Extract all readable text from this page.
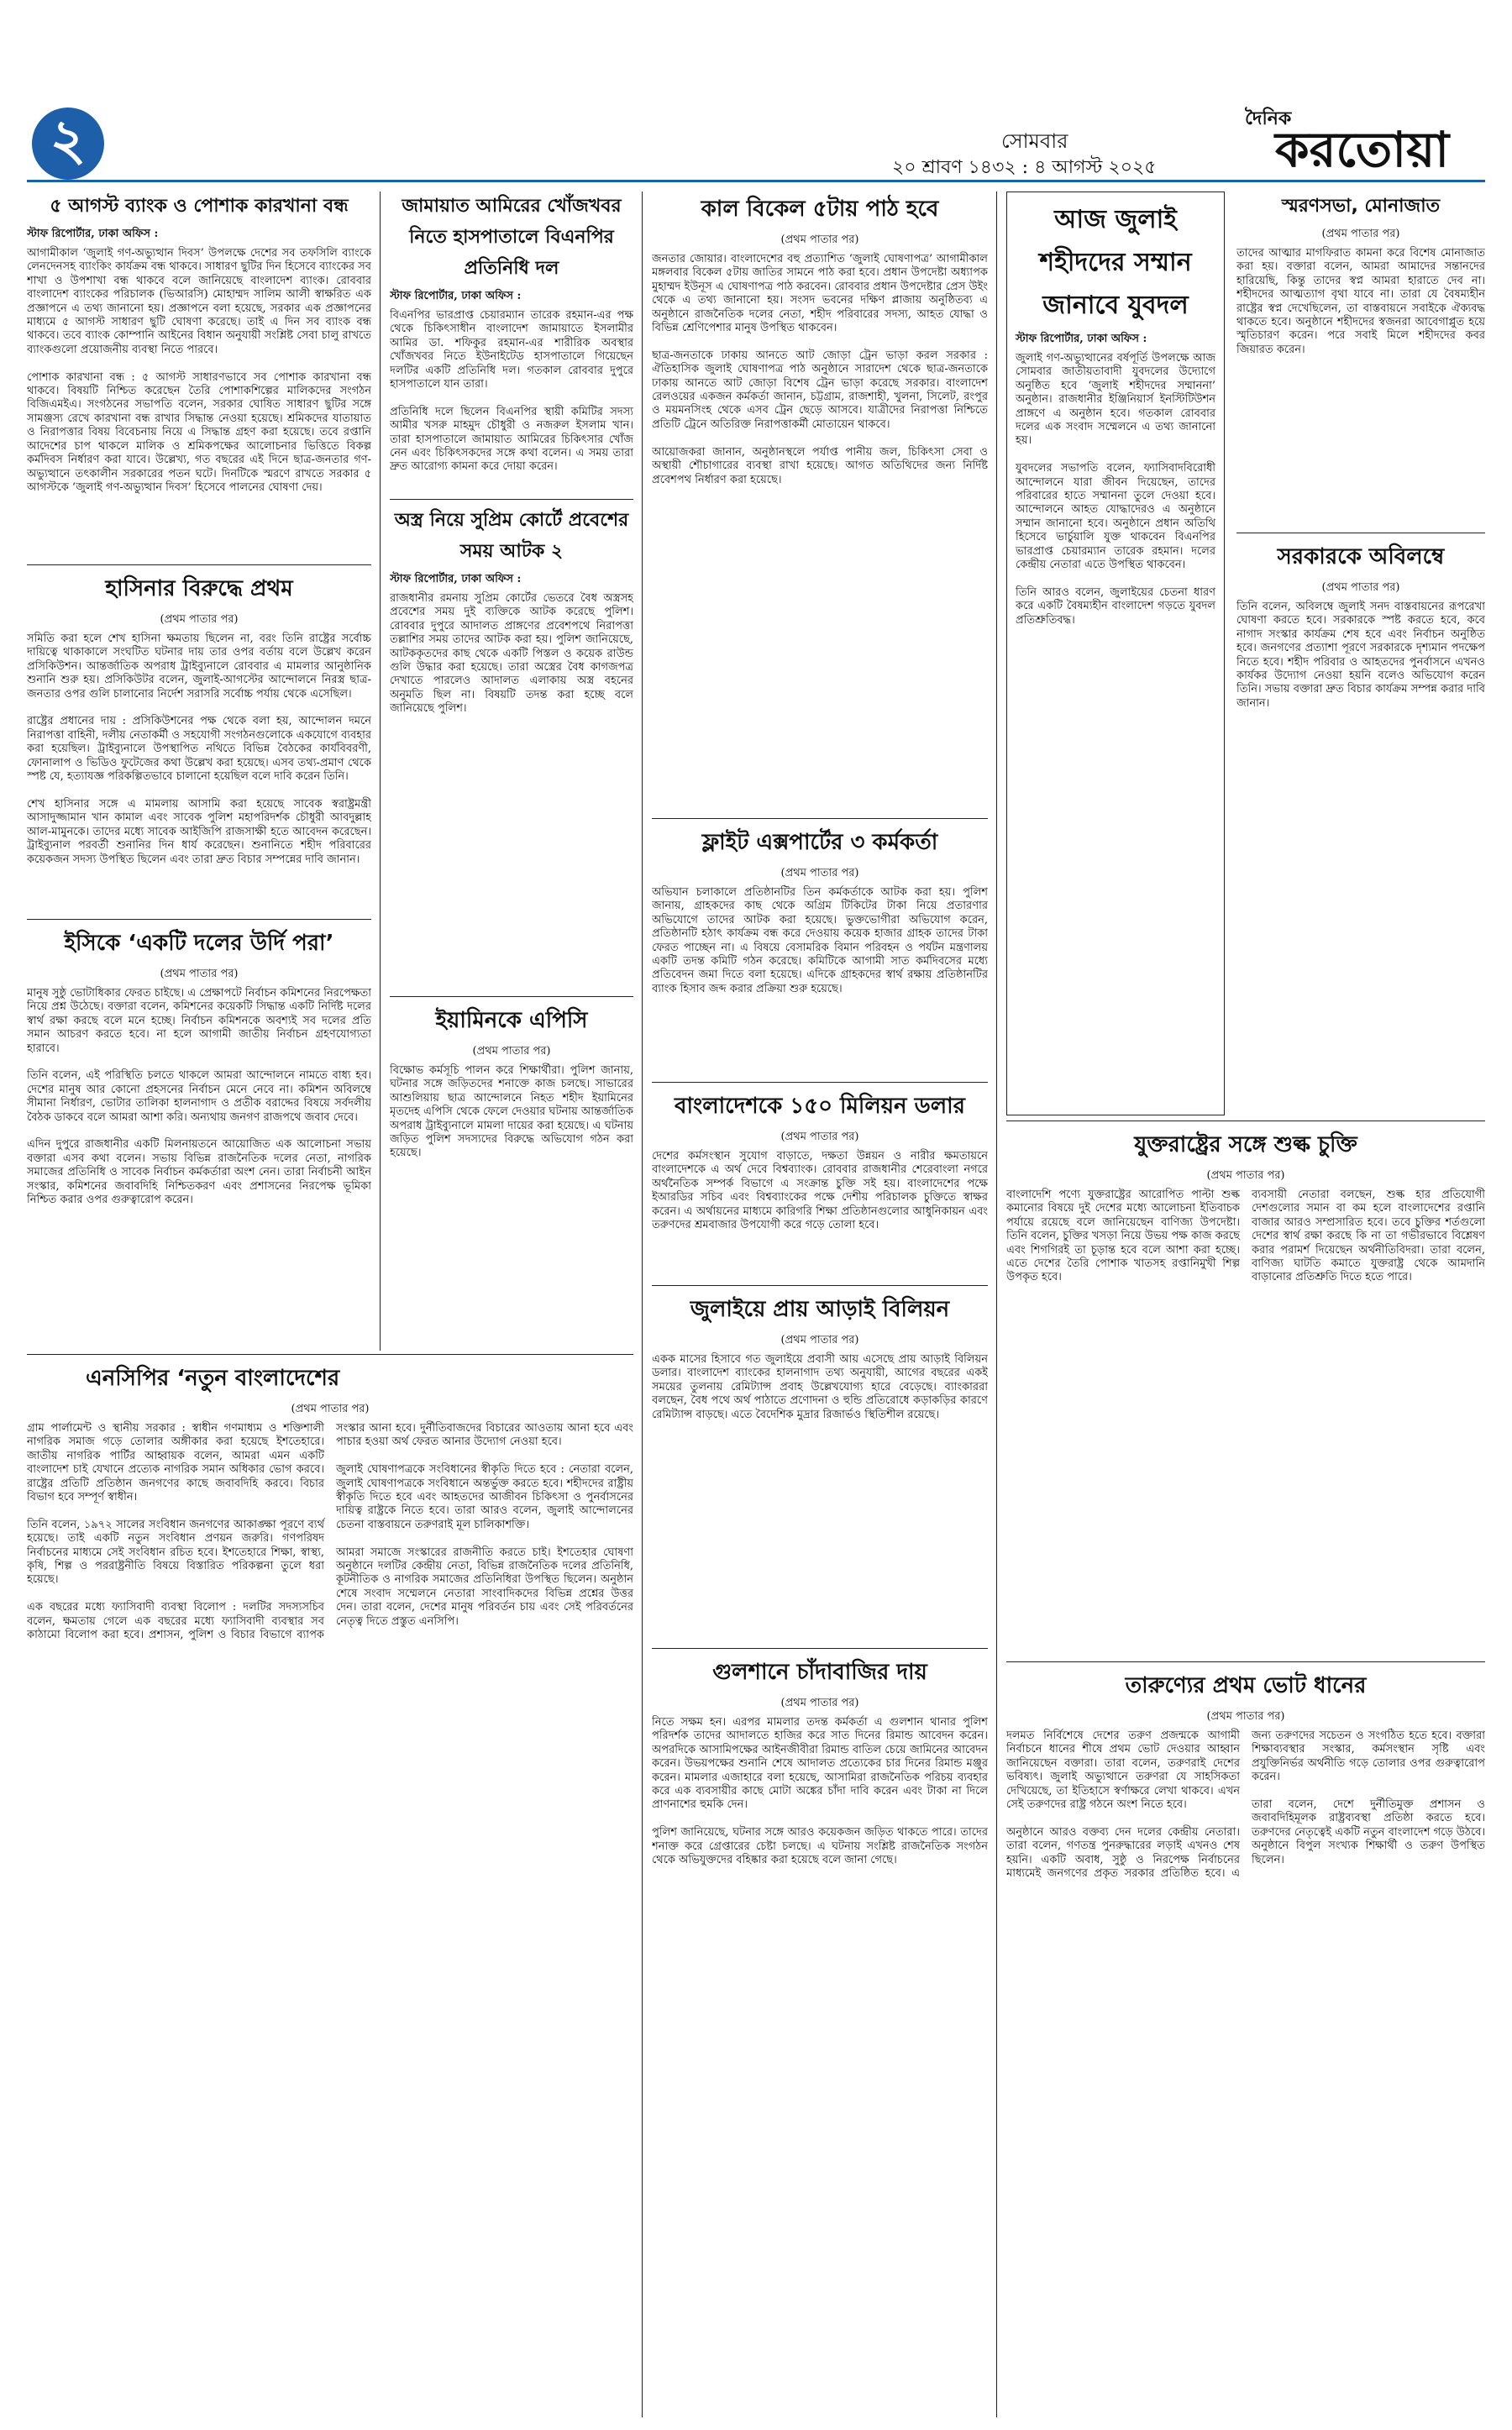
২	সোমবার
২০ শ্রাবণ ১৪৩২ : ৪ আগস্ট ২০২৫
দৈনিক
করতোয়া
৫ আগস্ট ব্যাংক ও পোশাক কারখানা বন্ধ

স্টাফ রিপোর্টার, ঢাকা অফিস :

আগামীকাল ‘জুলাই গণ-অভ্যুত্থান দিবস’ উপলক্ষে দেশের সব তফসিলি ব্যাংকে লেনদেনসহ ব্যাংকিং কার্যক্রম বন্ধ থাকবে। সাধারণ ছুটির দিন হিসেবে ব্যাংকের সব শাখা ও উপশাখা বন্ধ থাকবে বলে জানিয়েছে বাংলাদেশ ব্যাংক। রোববার বাংলাদেশ ব্যাংকের পরিচালক (ভিআরসি) মোহাম্মদ সালিম আলী স্বাক্ষরিত এক প্রজ্ঞাপনে এ তথ্য জানানো হয়। প্রজ্ঞাপনে বলা হয়েছে, সরকার এক প্রজ্ঞাপনের মাধ্যমে ৫ আগস্ট সাধারণ ছুটি ঘোষণা করেছে। তাই এ দিন সব ব্যাংক বন্ধ থাকবে। তবে ব্যাংক কোম্পানি আইনের বিধান অনুযায়ী সংশ্লিষ্ট সেবা চালু রাখতে ব্যাংকগুলো প্রয়োজনীয় ব্যবস্থা নিতে পারবে।

পোশাক কারখানা বন্ধ : ৫ আগস্ট সাধারণভাবে সব পোশাক কারখানা বন্ধ থাকবে। বিষয়টি নিশ্চিত করেছেন তৈরি পোশাকশিল্পের মালিকদের সংগঠন বিজিএমইএ। সংগঠনের সভাপতি বলেন, সরকার ঘোষিত সাধারণ ছুটির সঙ্গে সামঞ্জস্য রেখে কারখানা বন্ধ রাখার সিদ্ধান্ত নেওয়া হয়েছে। শ্রমিকদের যাতায়াত ও নিরাপত্তার বিষয় বিবেচনায় নিয়ে এ সিদ্ধান্ত গ্রহণ করা হয়েছে। তবে রপ্তানি আদেশের চাপ থাকলে মালিক ও শ্রমিকপক্ষের আলোচনার ভিত্তিতে বিকল্প কর্মদিবস নির্ধারণ করা যাবে। উল্লেখ্য, গত বছরের এই দিনে ছাত্র-জনতার গণ-অভ্যুত্থানে তৎকালীন সরকারের পতন ঘটে। দিনটিকে স্মরণে রাখতে সরকার ৫ আগস্টকে ‘জুলাই গণ-অভ্যুত্থান দিবস’ হিসেবে পালনের ঘোষণা দেয়।

হাসিনার বিরুদ্ধে প্রথম

(প্রথম পাতার পর)

সমিতি করা হলে শেখ হাসিনা ক্ষমতায় ছিলেন না, বরং তিনি রাষ্ট্রের সর্বোচ্চ দায়িত্বে থাকাকালে সংঘটিত ঘটনার দায় তার ওপর বর্তায় বলে উল্লেখ করেন প্রসিকিউশন। আন্তর্জাতিক অপরাধ ট্রাইব্যুনালে রোববার এ মামলার আনুষ্ঠানিক শুনানি শুরু হয়। প্রসিকিউটর বলেন, জুলাই-আগস্টের আন্দোলনে নিরস্ত্র ছাত্র-জনতার ওপর গুলি চালানোর নির্দেশ সরাসরি সর্বোচ্চ পর্যায় থেকে এসেছিল।

রাষ্ট্রের প্রধানের দায় : প্রসিকিউশনের পক্ষ থেকে বলা হয়, আন্দোলন দমনে নিরাপত্তা বাহিনী, দলীয় নেতাকর্মী ও সহযোগী সংগঠনগুলোকে একযোগে ব্যবহার করা হয়েছিল। ট্রাইব্যুনালে উপস্থাপিত নথিতে বিভিন্ন বৈঠকের কার্যবিবরণী, ফোনালাপ ও ভিডিও ফুটেজের কথা উল্লেখ করা হয়েছে। এসব তথ্য-প্রমাণ থেকে স্পষ্ট যে, হত্যাযজ্ঞ পরিকল্পিতভাবে চালানো হয়েছিল বলে দাবি করেন তিনি।

শেখ হাসিনার সঙ্গে এ মামলায় আসামি করা হয়েছে সাবেক স্বরাষ্ট্রমন্ত্রী আসাদুজ্জামান খান কামাল এবং সাবেক পুলিশ মহাপরিদর্শক চৌধুরী আবদুল্লাহ আল-মামুনকে। তাদের মধ্যে সাবেক আইজিপি রাজসাক্ষী হতে আবেদন করেছেন। ট্রাইব্যুনাল পরবর্তী শুনানির দিন ধার্য করেছেন। শুনানিতে শহীদ পরিবারের কয়েকজন সদস্য উপস্থিত ছিলেন এবং তারা দ্রুত বিচার সম্পন্নের দাবি জানান।

ইসিকে ‘একটি দলের উর্দি পরা’

(প্রথম পাতার পর)

মানুষ সুষ্ঠু ভোটাধিকার ফেরত চাইছে। এ প্রেক্ষাপটে নির্বাচন কমিশনের নিরপেক্ষতা নিয়ে প্রশ্ন উঠেছে। বক্তারা বলেন, কমিশনের কয়েকটি সিদ্ধান্ত একটি নির্দিষ্ট দলের স্বার্থ রক্ষা করছে বলে মনে হচ্ছে। নির্বাচন কমিশনকে অবশ্যই সব দলের প্রতি সমান আচরণ করতে হবে। না হলে আগামী জাতীয় নির্বাচন গ্রহণযোগ্যতা হারাবে।

তিনি বলেন, এই পরিস্থিতি চলতে থাকলে আমরা আন্দোলনে নামতে বাধ্য হব। দেশের মানুষ আর কোনো প্রহসনের নির্বাচন মেনে নেবে না। কমিশন অবিলম্বে সীমানা নির্ধারণ, ভোটার তালিকা হালনাগাদ ও প্রতীক বরাদ্দের বিষয়ে সর্বদলীয় বৈঠক ডাকবে বলে আমরা আশা করি। অন্যথায় জনগণ রাজপথে জবাব দেবে।

এদিন দুপুরে রাজধানীর একটি মিলনায়তনে আয়োজিত এক আলোচনা সভায় বক্তারা এসব কথা বলেন। সভায় বিভিন্ন রাজনৈতিক দলের নেতা, নাগরিক সমাজের প্রতিনিধি ও সাবেক নির্বাচন কর্মকর্তারা অংশ নেন। তারা নির্বাচনী আইন সংস্কার, কমিশনের জবাবদিহি নিশ্চিতকরণ এবং প্রশাসনের নিরপেক্ষ ভূমিকা নিশ্চিত করার ওপর গুরুত্বারোপ করেন।

জামায়াত আমিরের খোঁজখবর নিতে হাসপাতালে বিএনপির প্রতিনিধি দল

স্টাফ রিপোর্টার, ঢাকা অফিস :

বিএনপির ভারপ্রাপ্ত চেয়ারম্যান তারেক রহমান-এর পক্ষ থেকে চিকিৎসাধীন বাংলাদেশ জামায়াতে ইসলামীর আমির ডা. শফিকুর রহমান-এর শারীরিক অবস্থার খোঁজখবর নিতে ইউনাইটেড হাসপাতালে গিয়েছেন দলটির একটি প্রতিনিধি দল। গতকাল রোববার দুপুরে হাসপাতালে যান তারা।

প্রতিনিধি দলে ছিলেন বিএনপির স্থায়ী কমিটির সদস্য আমীর খসরু মাহমুদ চৌধুরী ও নজরুল ইসলাম খান। তারা হাসপাতালে জামায়াত আমিরের চিকিৎসার খোঁজ নেন এবং চিকিৎসকদের সঙ্গে কথা বলেন। এ সময় তারা দ্রুত আরোগ্য কামনা করে দোয়া করেন।

অস্ত্র নিয়ে সুপ্রিম কোর্টে প্রবেশের সময় আটক ২

স্টাফ রিপোর্টার, ঢাকা অফিস :

রাজধানীর রমনায় সুপ্রিম কোর্টের ভেতরে বৈধ অস্ত্রসহ প্রবেশের সময় দুই ব্যক্তিকে আটক করেছে পুলিশ। রোববার দুপুরে আদালত প্রাঙ্গণের প্রবেশপথে নিরাপত্তা তল্লাশির সময় তাদের আটক করা হয়। পুলিশ জানিয়েছে, আটককৃতদের কাছ থেকে একটি পিস্তল ও কয়েক রাউন্ড গুলি উদ্ধার করা হয়েছে। তারা অস্ত্রের বৈধ কাগজপত্র দেখাতে পারলেও আদালত এলাকায় অস্ত্র বহনের অনুমতি ছিল না। বিষয়টি তদন্ত করা হচ্ছে বলে জানিয়েছে পুলিশ।

ইয়ামিনকে এপিসি

(প্রথম পাতার পর)

বিক্ষোভ কর্মসূচি পালন করে শিক্ষার্থীরা। পুলিশ জানায়, ঘটনার সঙ্গে জড়িতদের শনাক্তে কাজ চলছে। সাভারের আশুলিয়ায় ছাত্র আন্দোলনে নিহত শহীদ ইয়ামিনের মৃতদেহ এপিসি থেকে ফেলে দেওয়ার ঘটনায় আন্তর্জাতিক অপরাধ ট্রাইব্যুনালে মামলা দায়ের করা হয়েছে। এ ঘটনায় জড়িত পুলিশ সদস্যদের বিরুদ্ধে অভিযোগ গঠন করা হয়েছে।

কাল বিকেল ৫টায় পাঠ হবে

(প্রথম পাতার পর)

জনতার জোয়ার। বাংলাদেশের বহু প্রত্যাশিত ‘জুলাই ঘোষণাপত্র’ আগামীকাল মঙ্গলবার বিকেল ৫টায় জাতির সামনে পাঠ করা হবে। প্রধান উপদেষ্টা অধ্যাপক মুহাম্মদ ইউনূস এ ঘোষণাপত্র পাঠ করবেন। রোববার প্রধান উপদেষ্টার প্রেস উইং থেকে এ তথ্য জানানো হয়। সংসদ ভবনের দক্ষিণ প্লাজায় অনুষ্ঠিতব্য এ অনুষ্ঠানে রাজনৈতিক দলের নেতা, শহীদ পরিবারের সদস্য, আহত যোদ্ধা ও বিভিন্ন শ্রেণিপেশার মানুষ উপস্থিত থাকবেন।

ছাত্র-জনতাকে ঢাকায় আনতে আট জোড়া ট্রেন ভাড়া করল সরকার : ঐতিহাসিক জুলাই ঘোষণাপত্র পাঠ অনুষ্ঠানে সারাদেশ থেকে ছাত্র-জনতাকে ঢাকায় আনতে আট জোড়া বিশেষ ট্রেন ভাড়া করেছে সরকার। বাংলাদেশ রেলওয়ের একজন কর্মকর্তা জানান, চট্টগ্রাম, রাজশাহী, খুলনা, সিলেট, রংপুর ও ময়মনসিংহ থেকে এসব ট্রেন ছেড়ে আসবে। যাত্রীদের নিরাপত্তা নিশ্চিতে প্রতিটি ট্রেনে অতিরিক্ত নিরাপত্তাকর্মী মোতায়েন থাকবে।

আয়োজকরা জানান, অনুষ্ঠানস্থলে পর্যাপ্ত পানীয় জল, চিকিৎসা সেবা ও অস্থায়ী শৌচাগারের ব্যবস্থা রাখা হয়েছে। আগত অতিথিদের জন্য নির্দিষ্ট প্রবেশপথ নির্ধারণ করা হয়েছে।

ফ্লাইট এক্সপার্টের ৩ কর্মকর্তা

(প্রথম পাতার পর)

অভিযান চলাকালে প্রতিষ্ঠানটির তিন কর্মকর্তাকে আটক করা হয়। পুলিশ জানায়, গ্রাহকদের কাছ থেকে অগ্রিম টিকিটের টাকা নিয়ে প্রতারণার অভিযোগে তাদের আটক করা হয়েছে। ভুক্তভোগীরা অভিযোগ করেন, প্রতিষ্ঠানটি হঠাৎ কার্যক্রম বন্ধ করে দেওয়ায় কয়েক হাজার গ্রাহক তাদের টাকা ফেরত পাচ্ছেন না। এ বিষয়ে বেসামরিক বিমান পরিবহন ও পর্যটন মন্ত্রণালয় একটি তদন্ত কমিটি গঠন করেছে। কমিটিকে আগামী সাত কর্মদিবসের মধ্যে প্রতিবেদন জমা দিতে বলা হয়েছে। এদিকে গ্রাহকদের স্বার্থ রক্ষায় প্রতিষ্ঠানটির ব্যাংক হিসাব জব্দ করার প্রক্রিয়া শুরু হয়েছে।

বাংলাদেশকে ১৫০ মিলিয়ন ডলার

(প্রথম পাতার পর)

দেশের কর্মসংস্থান সুযোগ বাড়াতে, দক্ষতা উন্নয়ন ও নারীর ক্ষমতায়নে বাংলাদেশকে এ অর্থ দেবে বিশ্বব্যাংক। রোববার রাজধানীর শেরেবাংলা নগরে অর্থনৈতিক সম্পর্ক বিভাগে এ সংক্রান্ত চুক্তি সই হয়। বাংলাদেশের পক্ষে ইআরডির সচিব এবং বিশ্বব্যাংকের পক্ষে দেশীয় পরিচালক চুক্তিতে স্বাক্ষর করেন। এ অর্থায়নের মাধ্যমে কারিগরি শিক্ষা প্রতিষ্ঠানগুলোর আধুনিকায়ন এবং তরুণদের শ্রমবাজার উপযোগী করে গড়ে তোলা হবে।

জুলাইয়ে প্রায় আড়াই বিলিয়ন

(প্রথম পাতার পর)

একক মাসের হিসাবে গত জুলাইয়ে প্রবাসী আয় এসেছে প্রায় আড়াই বিলিয়ন ডলার। বাংলাদেশ ব্যাংকের হালনাগাদ তথ্য অনুযায়ী, আগের বছরের একই সময়ের তুলনায় রেমিট্যান্স প্রবাহ উল্লেখযোগ্য হারে বেড়েছে। ব্যাংকাররা বলছেন, বৈধ পথে অর্থ পাঠাতে প্রণোদনা ও হুন্ডি প্রতিরোধে কড়াকড়ির কারণে রেমিট্যান্স বাড়ছে। এতে বৈদেশিক মুদ্রার রিজার্ভও স্থিতিশীল রয়েছে।

গুলশানে চাঁদাবাজির দায়

(প্রথম পাতার পর)

নিতে সক্ষম হন। এরপর মামলার তদন্ত কর্মকর্তা এ গুলশান থানার পুলিশ পরিদর্শক তাদের আদালতে হাজির করে সাত দিনের রিমান্ড আবেদন করেন। অপরদিকে আসামিপক্ষের আইনজীবীরা রিমান্ড বাতিল চেয়ে জামিনের আবেদন করেন। উভয়পক্ষের শুনানি শেষে আদালত প্রত্যেকের চার দিনের রিমান্ড মঞ্জুর করেন। মামলার এজাহারে বলা হয়েছে, আসামিরা রাজনৈতিক পরিচয় ব্যবহার করে এক ব্যবসায়ীর কাছে মোটা অঙ্কের চাঁদা দাবি করেন এবং টাকা না দিলে প্রাণনাশের হুমকি দেন।

পুলিশ জানিয়েছে, ঘটনার সঙ্গে আরও কয়েকজন জড়িত থাকতে পারে। তাদের শনাক্ত করে গ্রেপ্তারের চেষ্টা চলছে। এ ঘটনায় সংশ্লিষ্ট রাজনৈতিক সংগঠন থেকে অভিযুক্তদের বহিষ্কার করা হয়েছে বলে জানা গেছে।

আজ জুলাই শহীদদের সম্মান জানাবে যুবদল

স্টাফ রিপোর্টার, ঢাকা অফিস :

জুলাই গণ-অভ্যুত্থানের বর্ষপূর্তি উপলক্ষে আজ সোমবার জাতীয়তাবাদী যুবদলের উদ্যোগে অনুষ্ঠিত হবে ‘জুলাই শহীদদের সম্মাননা’ অনুষ্ঠান। রাজধানীর ইঞ্জিনিয়ার্স ইনস্টিটিউশন প্রাঙ্গণে এ অনুষ্ঠান হবে। গতকাল রোববার দলের এক সংবাদ সম্মেলনে এ তথ্য জানানো হয়।

যুবদলের সভাপতি বলেন, ফ্যাসিবাদবিরোধী আন্দোলনে যারা জীবন দিয়েছেন, তাদের পরিবারের হাতে সম্মাননা তুলে দেওয়া হবে। আন্দোলনে আহত যোদ্ধাদেরও এ অনুষ্ঠানে সম্মান জানানো হবে। অনুষ্ঠানে প্রধান অতিথি হিসেবে ভার্চুয়ালি যুক্ত থাকবেন বিএনপির ভারপ্রাপ্ত চেয়ারম্যান তারেক রহমান। দলের কেন্দ্রীয় নেতারা এতে উপস্থিত থাকবেন।

তিনি আরও বলেন, জুলাইয়ের চেতনা ধারণ করে একটি বৈষম্যহীন বাংলাদেশ গড়তে যুবদল প্রতিশ্রুতিবদ্ধ।

স্মরণসভা, মোনাজাত

(প্রথম পাতার পর)

তাদের আত্মার মাগফিরাত কামনা করে বিশেষ মোনাজাত করা হয়। বক্তারা বলেন, আমরা আমাদের সন্তানদের হারিয়েছি, কিন্তু তাদের স্বপ্ন আমরা হারাতে দেব না। শহীদদের আত্মত্যাগ বৃথা যাবে না। তারা যে বৈষম্যহীন রাষ্ট্রের স্বপ্ন দেখেছিলেন, তা বাস্তবায়নে সবাইকে ঐক্যবদ্ধ থাকতে হবে। অনুষ্ঠানে শহীদদের স্বজনরা আবেগাপ্লুত হয়ে স্মৃতিচারণ করেন। পরে সবাই মিলে শহীদদের কবর জিয়ারত করেন।

সরকারকে অবিলম্বে

(প্রথম পাতার পর)

তিনি বলেন, অবিলম্বে জুলাই সনদ বাস্তবায়নের রূপরেখা ঘোষণা করতে হবে। সরকারকে স্পষ্ট করতে হবে, কবে নাগাদ সংস্কার কার্যক্রম শেষ হবে এবং নির্বাচন অনুষ্ঠিত হবে। জনগণের প্রত্যাশা পূরণে সরকারকে দৃশ্যমান পদক্ষেপ নিতে হবে। শহীদ পরিবার ও আহতদের পুনর্বাসনে এখনও কার্যকর উদ্যোগ নেওয়া হয়নি বলেও অভিযোগ করেন তিনি। সভায় বক্তারা দ্রুত বিচার কার্যক্রম সম্পন্ন করার দাবি জানান।

যুক্তরাষ্ট্রের সঙ্গে শুল্ক চুক্তি

(প্রথম পাতার পর)

বাংলাদেশি পণ্যে যুক্তরাষ্ট্রের আরোপিত পাল্টা শুল্ক কমানোর বিষয়ে দুই দেশের মধ্যে আলোচনা ইতিবাচক পর্যায়ে রয়েছে বলে জানিয়েছেন বাণিজ্য উপদেষ্টা। তিনি বলেন, চুক্তির খসড়া নিয়ে উভয় পক্ষ কাজ করছে এবং শিগগিরই তা চূড়ান্ত হবে বলে আশা করা হচ্ছে। এতে দেশের তৈরি পোশাক খাতসহ রপ্তানিমুখী শিল্প উপকৃত হবে।

ব্যবসায়ী নেতারা বলছেন, শুল্ক হার প্রতিযোগী দেশগুলোর সমান বা কম হলে বাংলাদেশের রপ্তানি বাজার আরও সম্প্রসারিত হবে। তবে চুক্তির শর্তগুলো দেশের স্বার্থ রক্ষা করছে কি না তা গভীরভাবে বিশ্লেষণ করার পরামর্শ দিয়েছেন অর্থনীতিবিদরা। তারা বলেন, বাণিজ্য ঘাটতি কমাতে যুক্তরাষ্ট্র থেকে আমদানি বাড়ানোর প্রতিশ্রুতি দিতে হতে পারে।

তারুণ্যের প্রথম ভোট ধানের

(প্রথম পাতার পর)

দলমত নির্বিশেষে দেশের তরুণ প্রজন্মকে আগামী নির্বাচনে ধানের শীষে প্রথম ভোট দেওয়ার আহ্বান জানিয়েছেন বক্তারা। তারা বলেন, তরুণরাই দেশের ভবিষ্যৎ। জুলাই অভ্যুত্থানে তরুণরা যে সাহসিকতা দেখিয়েছে, তা ইতিহাসে স্বর্ণাক্ষরে লেখা থাকবে। এখন সেই তরুণদের রাষ্ট্র গঠনে অংশ নিতে হবে।

অনুষ্ঠানে আরও বক্তব্য দেন দলের কেন্দ্রীয় নেতারা। তারা বলেন, গণতন্ত্র পুনরুদ্ধারের লড়াই এখনও শেষ হয়নি। একটি অবাধ, সুষ্ঠু ও নিরপেক্ষ নির্বাচনের মাধ্যমেই জনগণের প্রকৃত সরকার প্রতিষ্ঠিত হবে। এ জন্য তরুণদের সচেতন ও সংগঠিত হতে হবে। বক্তারা শিক্ষাব্যবস্থার সংস্কার, কর্মসংস্থান সৃষ্টি এবং প্রযুক্তিনির্ভর অর্থনীতি গড়ে তোলার ওপর গুরুত্বারোপ করেন।

তারা বলেন, দেশে দুর্নীতিমুক্ত প্রশাসন ও জবাবদিহিমূলক রাষ্ট্রব্যবস্থা প্রতিষ্ঠা করতে হবে। তরুণদের নেতৃত্বেই একটি নতুন বাংলাদেশ গড়ে উঠবে। অনুষ্ঠানে বিপুল সংখ্যক শিক্ষার্থী ও তরুণ উপস্থিত ছিলেন।

এনসিপির ‘নতুন বাংলাদেশের

(প্রথম পাতার পর)

গ্রাম পার্লামেন্ট ও স্থানীয় সরকার : স্বাধীন গণমাধ্যম ও শক্তিশালী নাগরিক সমাজ গড়ে তোলার অঙ্গীকার করা হয়েছে ইশতেহারে। জাতীয় নাগরিক পার্টির আহ্বায়ক বলেন, আমরা এমন একটি বাংলাদেশ চাই যেখানে প্রত্যেক নাগরিক সমান অধিকার ভোগ করবে। রাষ্ট্রের প্রতিটি প্রতিষ্ঠান জনগণের কাছে জবাবদিহি করবে। বিচার বিভাগ হবে সম্পূর্ণ স্বাধীন।

তিনি বলেন, ১৯৭২ সালের সংবিধান জনগণের আকাঙ্ক্ষা পূরণে ব্যর্থ হয়েছে। তাই একটি নতুন সংবিধান প্রণয়ন জরুরি। গণপরিষদ নির্বাচনের মাধ্যমে সেই সংবিধান রচিত হবে। ইশতেহারে শিক্ষা, স্বাস্থ্য, কৃষি, শিল্প ও পররাষ্ট্রনীতি বিষয়ে বিস্তারিত পরিকল্পনা তুলে ধরা হয়েছে।

এক বছরের মধ্যে ফ্যাসিবাদী ব্যবস্থা বিলোপ : দলটির সদস্যসচিব বলেন, ক্ষমতায় গেলে এক বছরের মধ্যে ফ্যাসিবাদী ব্যবস্থার সব কাঠামো বিলোপ করা হবে। প্রশাসন, পুলিশ ও বিচার বিভাগে ব্যাপক সংস্কার আনা হবে। দুর্নীতিবাজদের বিচারের আওতায় আনা হবে এবং পাচার হওয়া অর্থ ফেরত আনার উদ্যোগ নেওয়া হবে।

জুলাই ঘোষণাপত্রকে সংবিধানের স্বীকৃতি দিতে হবে : নেতারা বলেন, জুলাই ঘোষণাপত্রকে সংবিধানে অন্তর্ভুক্ত করতে হবে। শহীদদের রাষ্ট্রীয় স্বীকৃতি দিতে হবে এবং আহতদের আজীবন চিকিৎসা ও পুনর্বাসনের দায়িত্ব রাষ্ট্রকে নিতে হবে। তারা আরও বলেন, জুলাই আন্দোলনের চেতনা বাস্তবায়নে তরুণরাই মূল চালিকাশক্তি।

আমরা সমাজে সংস্কারের রাজনীতি করতে চাই। ইশতেহার ঘোষণা অনুষ্ঠানে দলটির কেন্দ্রীয় নেতা, বিভিন্ন রাজনৈতিক দলের প্রতিনিধি, কূটনীতিক ও নাগরিক সমাজের প্রতিনিধিরা উপস্থিত ছিলেন। অনুষ্ঠান শেষে সংবাদ সম্মেলনে নেতারা সাংবাদিকদের বিভিন্ন প্রশ্নের উত্তর দেন। তারা বলেন, দেশের মানুষ পরিবর্তন চায় এবং সেই পরিবর্তনের নেতৃত্ব দিতে প্রস্তুত এনসিপি।
